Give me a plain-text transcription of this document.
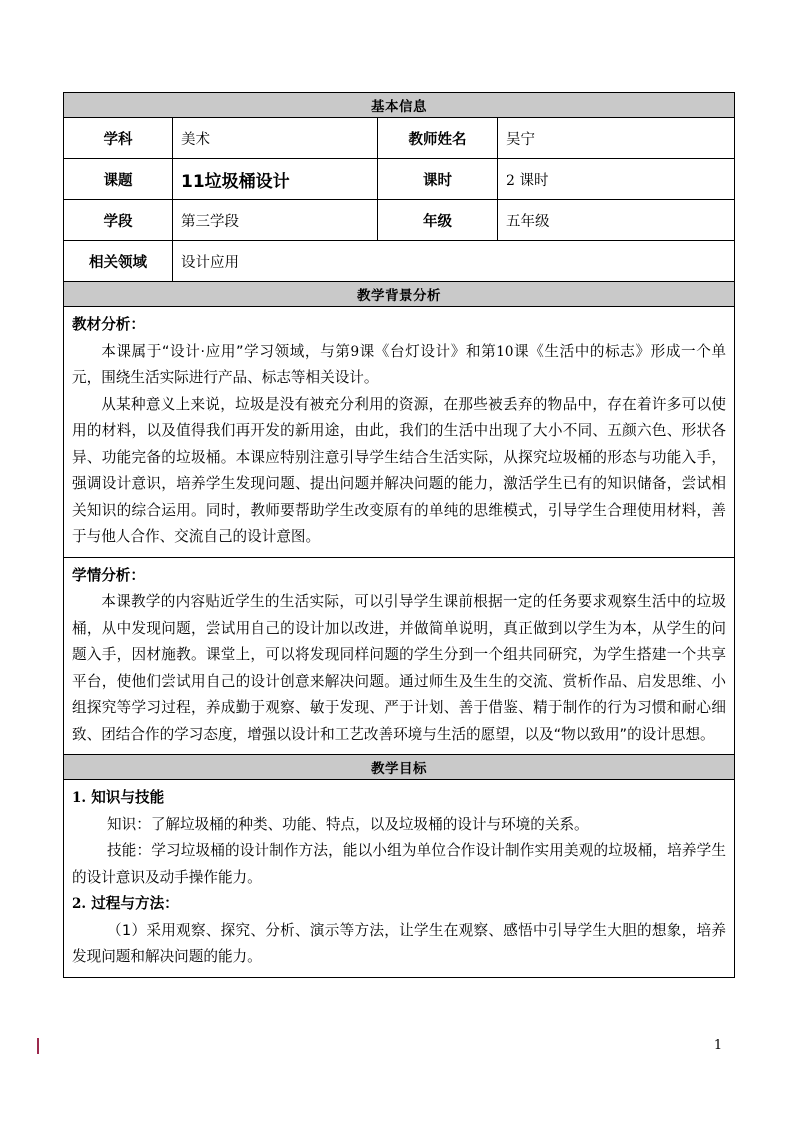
基本信息			
学科	美术	教师姓名	吴宁
课题	11垃圾桶设计	课时	2 课时
学段	第三学段	年级	五年级
相关领域	设计应用		
教学背景分析			

教材分析：

本课属于“设计·应用”学习领域，与第9课《台灯设计》和第10课《生活中的标志》形成一个单元，围绕生活实际进行产品、标志等相关设计。

从某种意义上来说，垃圾是没有被充分利用的资源，在那些被丢弃的物品中，存在着许多可以使用的材料，以及值得我们再开发的新用途，由此，我们的生活中出现了大小不同、五颜六色、形状各异、功能完备的垃圾桶。本课应特别注意引导学生结合生活实际，从探究垃圾桶的形态与功能入手，强调设计意识，培养学生发现问题、提出问题并解决问题的能力，激活学生已有的知识储备，尝试相关知识的综合运用。同时，教师要帮助学生改变原有的单纯的思维模式，引导学生合理使用材料，善于与他人合作、交流自己的设计意图。			

学情分析：

本课教学的内容贴近学生的生活实际，可以引导学生课前根据一定的任务要求观察生活中的垃圾桶，从中发现问题，尝试用自己的设计加以改进，并做简单说明，真正做到以学生为本，从学生的问题入手，因材施教。课堂上，可以将发现同样问题的学生分到一个组共同研究，为学生搭建一个共享平台，使他们尝试用自己的设计创意来解决问题。通过师生及生生的交流、赏析作品、启发思维、小组探究等学习过程，养成勤于观察、敏于发现、严于计划、善于借鉴、精于制作的行为习惯和耐心细致、团结合作的学习态度，增强以设计和工艺改善环境与生活的愿望，以及“物以致用”的设计思想。			

教学目标			

1. 知识与技能

知识：了解垃圾桶的种类、功能、特点，以及垃圾桶的设计与环境的关系。

技能：学习垃圾桶的设计制作方法，能以小组为单位合作设计制作实用美观的垃圾桶，培养学生的设计意识及动手操作能力。

2. 过程与方法：

（1）采用观察、探究、分析、演示等方法，让学生在观察、感悟中引导学生大胆的想象，培养发现问题和解决问题的能力。			

1
